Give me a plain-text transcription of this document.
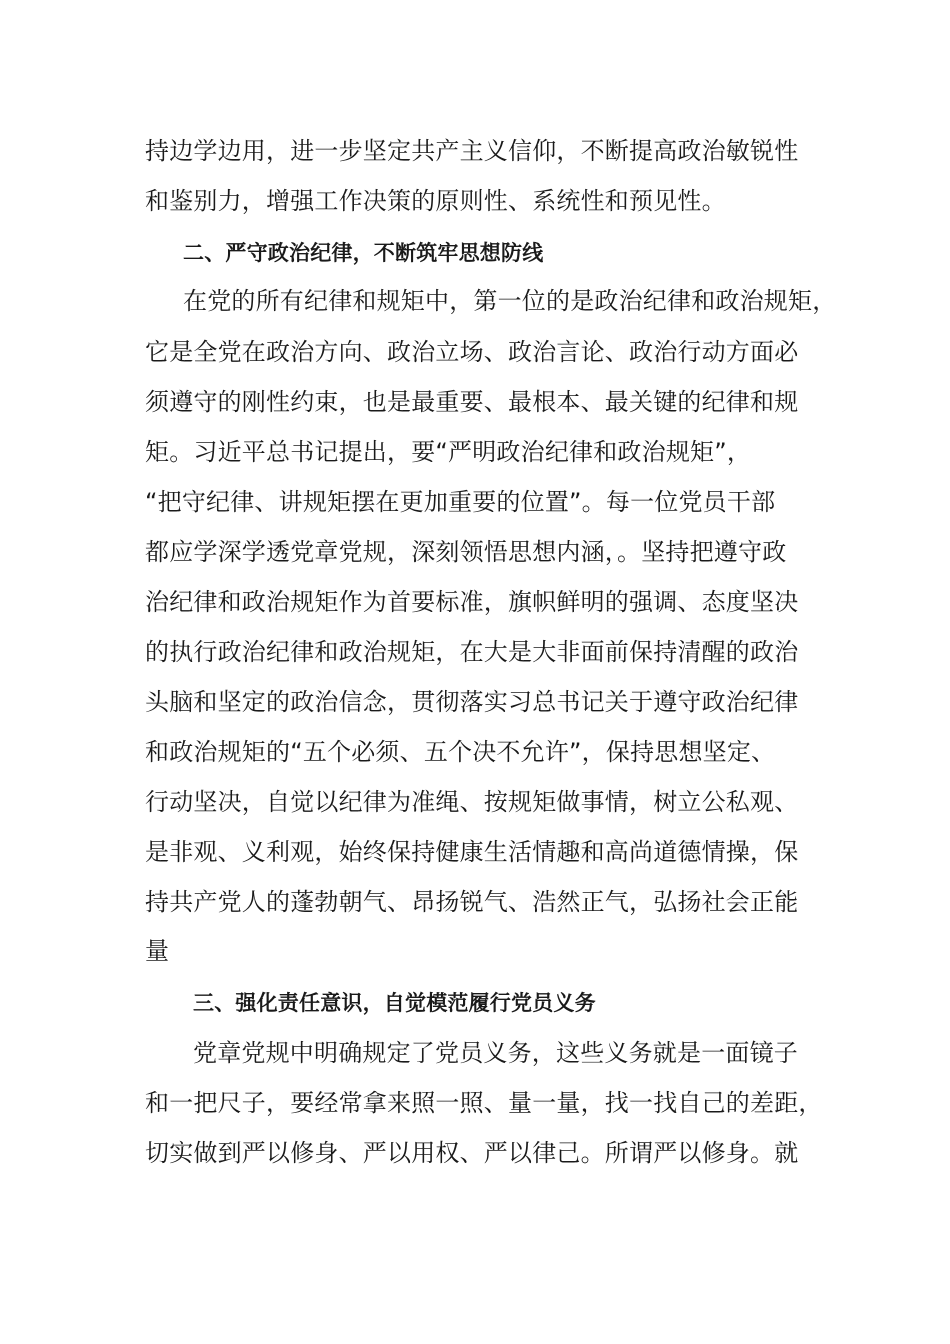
持边学边用，进一步坚定共产主义信仰，不断提高政治敏锐性
和鉴别力，增强工作决策的原则性、系统性和预见性。
二、严守政治纪律，不断筑牢思想防线
在党的所有纪律和规矩中，第一位的是政治纪律和政治规矩，
它是全党在政治方向、政治立场、政治言论、政治行动方面必
须遵守的刚性约束，也是最重要、最根本、最关键的纪律和规
矩。习近平总书记提出，要“严明政治纪律和政治规矩”，
“把守纪律、讲规矩摆在更加重要的位置”。每一位党员干部
都应学深学透党章党规，深刻领悟思想内涵，。坚持把遵守政
治纪律和政治规矩作为首要标准，旗帜鲜明的强调、态度坚决
的执行政治纪律和政治规矩，在大是大非面前保持清醒的政治
头脑和坚定的政治信念，贯彻落实习总书记关于遵守政治纪律
和政治规矩的“五个必须、五个决不允许”，保持思想坚定、
行动坚决，自觉以纪律为准绳、按规矩做事情，树立公私观、
是非观、义利观，始终保持健康生活情趣和高尚道德情操，保
持共产党人的蓬勃朝气、昂扬锐气、浩然正气，弘扬社会正能
量
三、强化责任意识，自觉模范履行党员义务
党章党规中明确规定了党员义务，这些义务就是一面镜子
和一把尺子，要经常拿来照一照、量一量，找一找自己的差距，
切实做到严以修身、严以用权、严以律己。所谓严以修身。就
